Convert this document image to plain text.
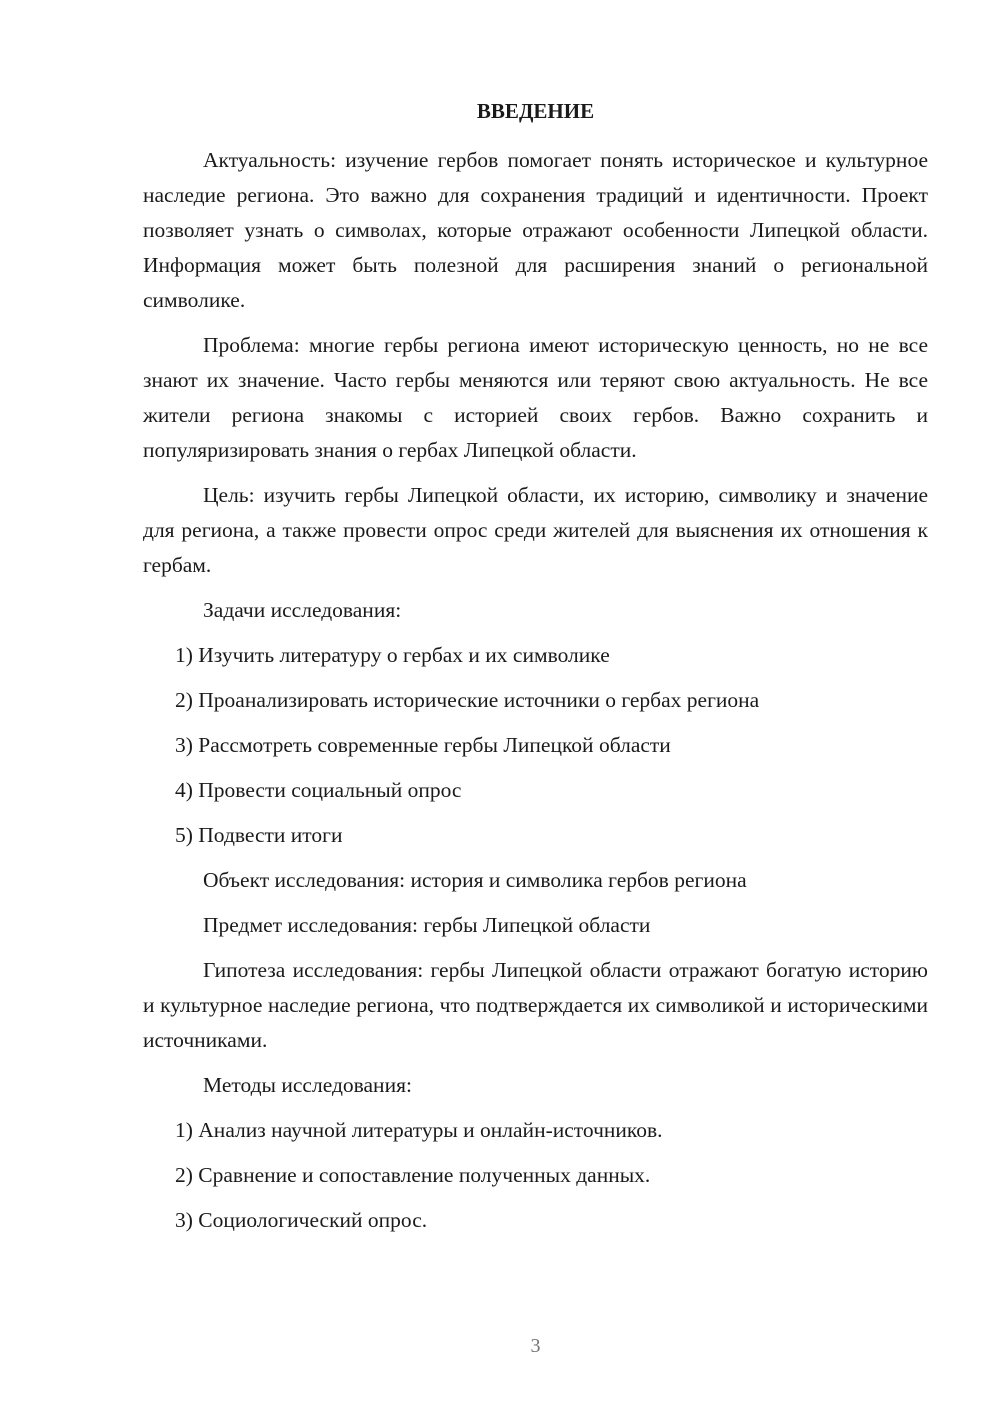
ВВЕДЕНИЕ

Актуальность: изучение гербов помогает понять историческое и культурное наследие региона. Это важно для сохранения традиций и идентичности. Проект позволяет узнать о символах, которые отражают особенности Липецкой области. Информация может быть полезной для расширения знаний о региональной символике.

Проблема: многие гербы региона имеют историческую ценность, но не все знают их значение. Часто гербы меняются или теряют свою актуальность. Не все жители региона знакомы с историей своих гербов. Важно сохранить и популяризировать знания о гербах Липецкой области.

Цель: изучить гербы Липецкой области, их историю, символику и значение для региона, а также провести опрос среди жителей для выяснения их отношения к гербам.

Задачи исследования:

1) Изучить литературу о гербах и их символике

2) Проанализировать исторические источники о гербах региона

3) Рассмотреть современные гербы Липецкой области

4) Провести социальный опрос

5) Подвести итоги

Объект исследования: история и символика гербов региона

Предмет исследования: гербы Липецкой области

Гипотеза исследования: гербы Липецкой области отражают богатую историю и культурное наследие региона, что подтверждается их символикой и историческими источниками.

Методы исследования:

1) Анализ научной литературы и онлайн-источников.

2) Сравнение и сопоставление полученных данных.

3) Социологический опрос.

3
